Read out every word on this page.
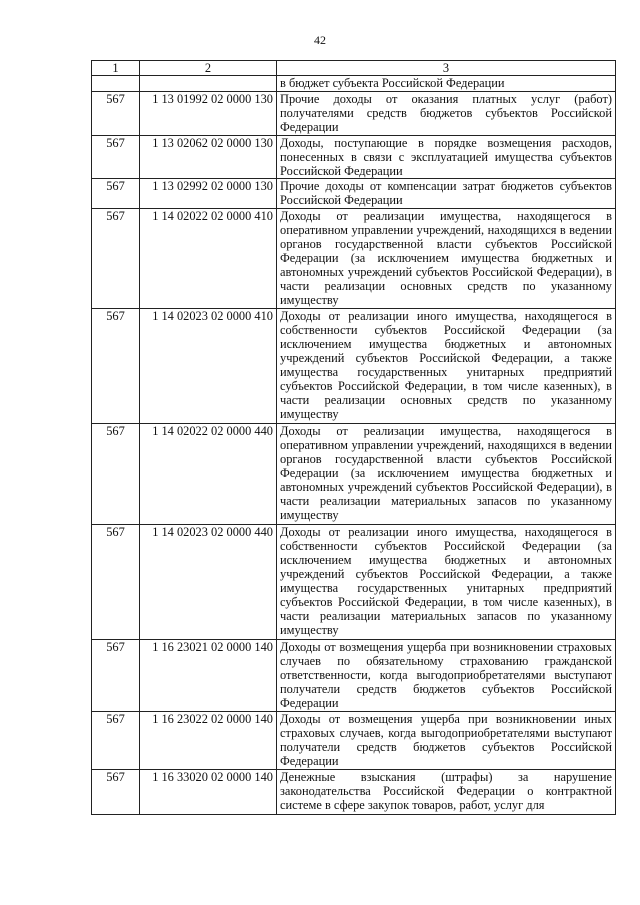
42
1	2	3
		в бюджет субъекта Российской Федерации
567	1 13 01992 02 0000 130	Прочие доходы от оказания платных услуг (работ) получателями средств бюджетов субъектов Российской Федерации
567	1 13 02062 02 0000 130	Доходы, поступающие в порядке возмещения расходов, понесенных в связи с эксплуатацией имущества субъектов Российской Федерации
567	1 13 02992 02 0000 130	Прочие доходы от компенсации затрат бюджетов субъектов Российской Федерации
567	1 14 02022 02 0000 410	Доходы от реализации имущества, находящегося в оперативном управлении учреждений, находящихся в ведении органов государственной власти субъектов Российской Федерации (за исключением имущества бюджетных и автономных учреждений субъектов Российской Федерации), в части реализации основных средств по указанному имуществу
567	1 14 02023 02 0000 410	Доходы от реализации иного имущества, находящегося в собственности субъектов Российской Федерации (за исключением имущества бюджетных и автономных учреждений субъектов Российской Федерации, а также имущества государственных унитарных предприятий субъектов Российской Федерации, в том числе казенных), в части реализации основных средств по указанному имуществу
567	1 14 02022 02 0000 440	Доходы от реализации имущества, находящегося в оперативном управлении учреждений, находящихся в ведении органов государственной власти субъектов Российской Федерации (за исключением имущества бюджетных и автономных учреждений субъектов Российской Федерации), в части реализации материальных запасов по указанному имуществу
567	1 14 02023 02 0000 440	Доходы от реализации иного имущества, находящегося в собственности субъектов Российской Федерации (за исключением имущества бюджетных и автономных учреждений субъектов Российской Федерации, а также имущества государственных унитарных предприятий субъектов Российской Федерации, в том числе казенных), в части реализации материальных запасов по указанному имуществу
567	1 16 23021 02 0000 140	Доходы от возмещения ущерба при возникновении страховых случаев по обязательному страхованию гражданской ответственности, когда выгодоприобретателями выступают получатели средств бюджетов субъектов Российской Федерации
567	1 16 23022 02 0000 140	Доходы от возмещения ущерба при возникновении иных страховых случаев, когда выгодоприобретателями выступают получатели средств бюджетов субъектов Российской Федерации
567	1 16 33020 02 0000 140	Денежные взыскания (штрафы) за нарушение законодательства Российской Федерации о контрактной системе в сфере закупок товаров, работ, услуг для
